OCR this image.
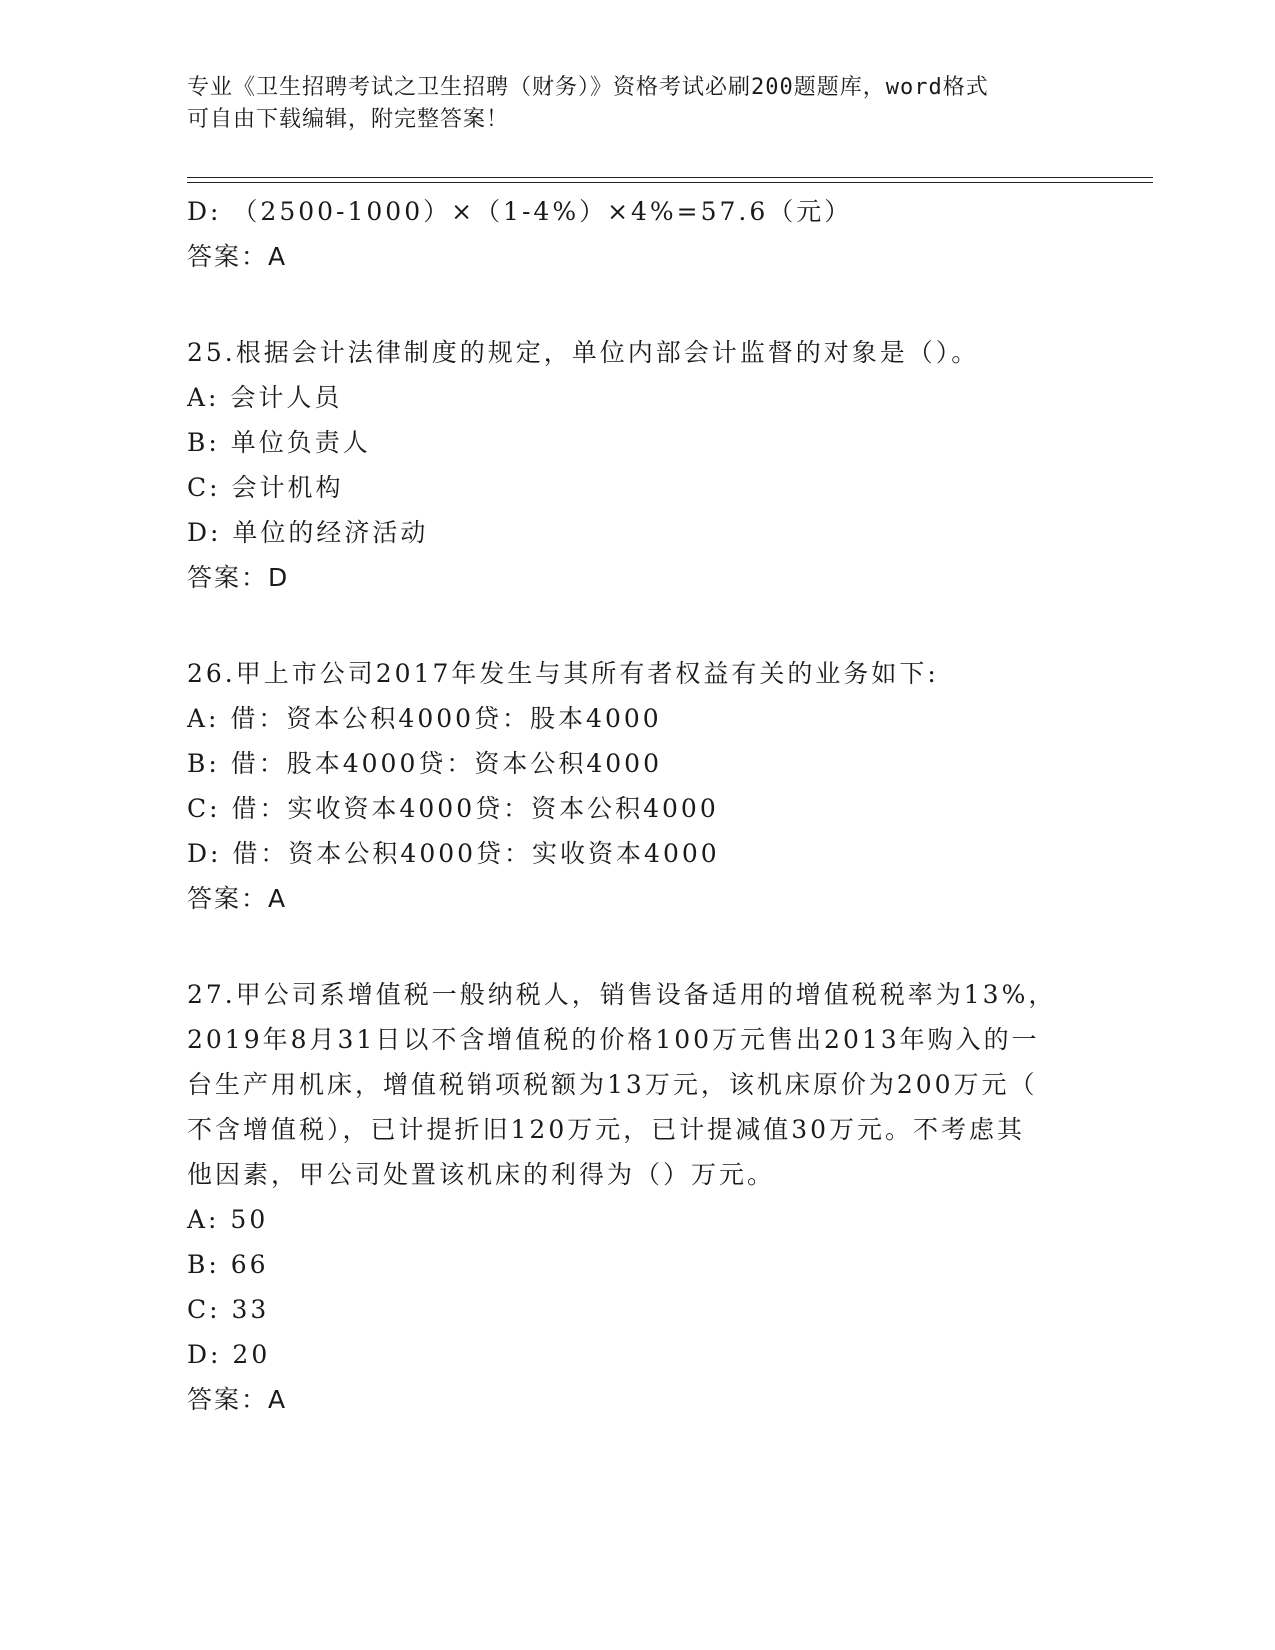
专业《卫生招聘考试之卫生招聘（财务）》资格考试必刷200题题库，word格式
可自由下载编辑，附完整答案！
D: （2500-1000）×（1-4%）×4%=57.6（元）
答案：A
25.根据会计法律制度的规定，单位内部会计监督的对象是（）。
A: 会计人员
B: 单位负责人
C: 会计机构
D: 单位的经济活动
答案：D
26.甲上市公司2017年发生与其所有者权益有关的业务如下:
A: 借：资本公积4000贷：股本4000
B: 借：股本4000贷：资本公积4000
C: 借：实收资本4000贷：资本公积4000
D: 借：资本公积4000贷：实收资本4000
答案：A
27.甲公司系增值税一般纳税人，销售设备适用的增值税税率为13%，
2019年8月31日以不含增值税的价格100万元售出2013年购入的一
台生产用机床，增值税销项税额为13万元，该机床原价为200万元（
不含增值税），已计提折旧120万元，已计提减值30万元。不考虑其
他因素，甲公司处置该机床的利得为（）万元。
A: 50
B: 66
C: 33
D: 20
答案：A
